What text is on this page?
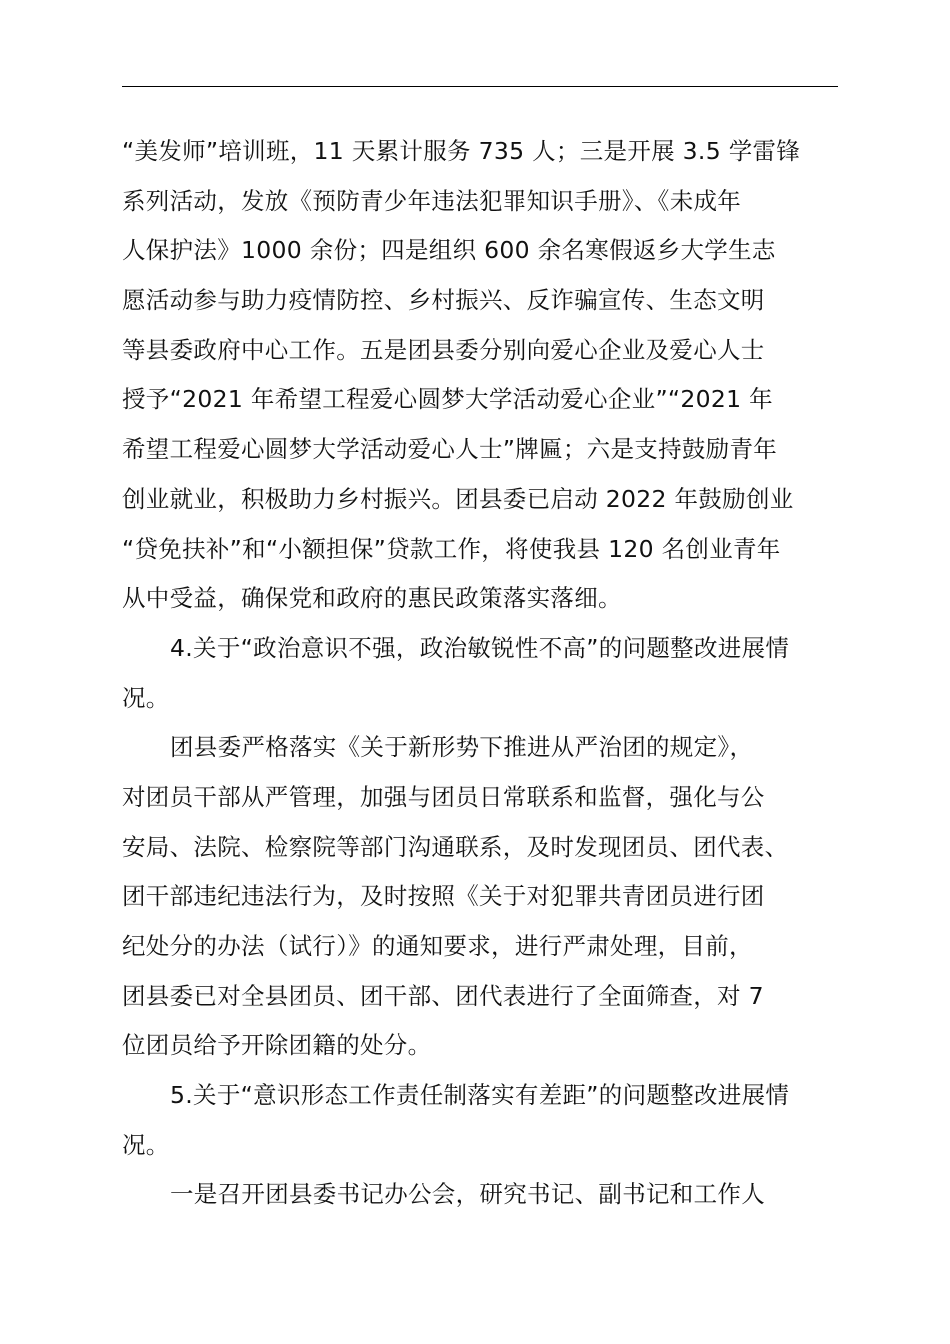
“美发师”培训班，11 天累计服务 735 人；三是开展 3.5 学雷锋
系列活动，发放《预防青少年违法犯罪知识手册》、《未成年
人保护法》1000 余份；四是组织 600 余名寒假返乡大学生志
愿活动参与助力疫情防控、乡村振兴、反诈骗宣传、生态文明
等县委政府中心工作。五是团县委分别向爱心企业及爱心人士
授予“2021 年希望工程爱心圆梦大学活动爱心企业”“2021 年
希望工程爱心圆梦大学活动爱心人士”牌匾；六是支持鼓励青年
创业就业，积极助力乡村振兴。团县委已启动 2022 年鼓励创业
“贷免扶补”和“小额担保”贷款工作，将使我县 120 名创业青年
从中受益，确保党和政府的惠民政策落实落细。
4.关于“政治意识不强，政治敏锐性不高”的问题整改进展情
况。
团县委严格落实《关于新形势下推进从严治团的规定》，
对团员干部从严管理，加强与团员日常联系和监督，强化与公
安局、法院、检察院等部门沟通联系，及时发现团员、团代表、
团干部违纪违法行为，及时按照《关于对犯罪共青团员进行团
纪处分的办法（试行）》的通知要求，进行严肃处理，目前，
团县委已对全县团员、团干部、团代表进行了全面筛查，对 7
位团员给予开除团籍的处分。
5.关于“意识形态工作责任制落实有差距”的问题整改进展情
况。
一是召开团县委书记办公会，研究书记、副书记和工作人
